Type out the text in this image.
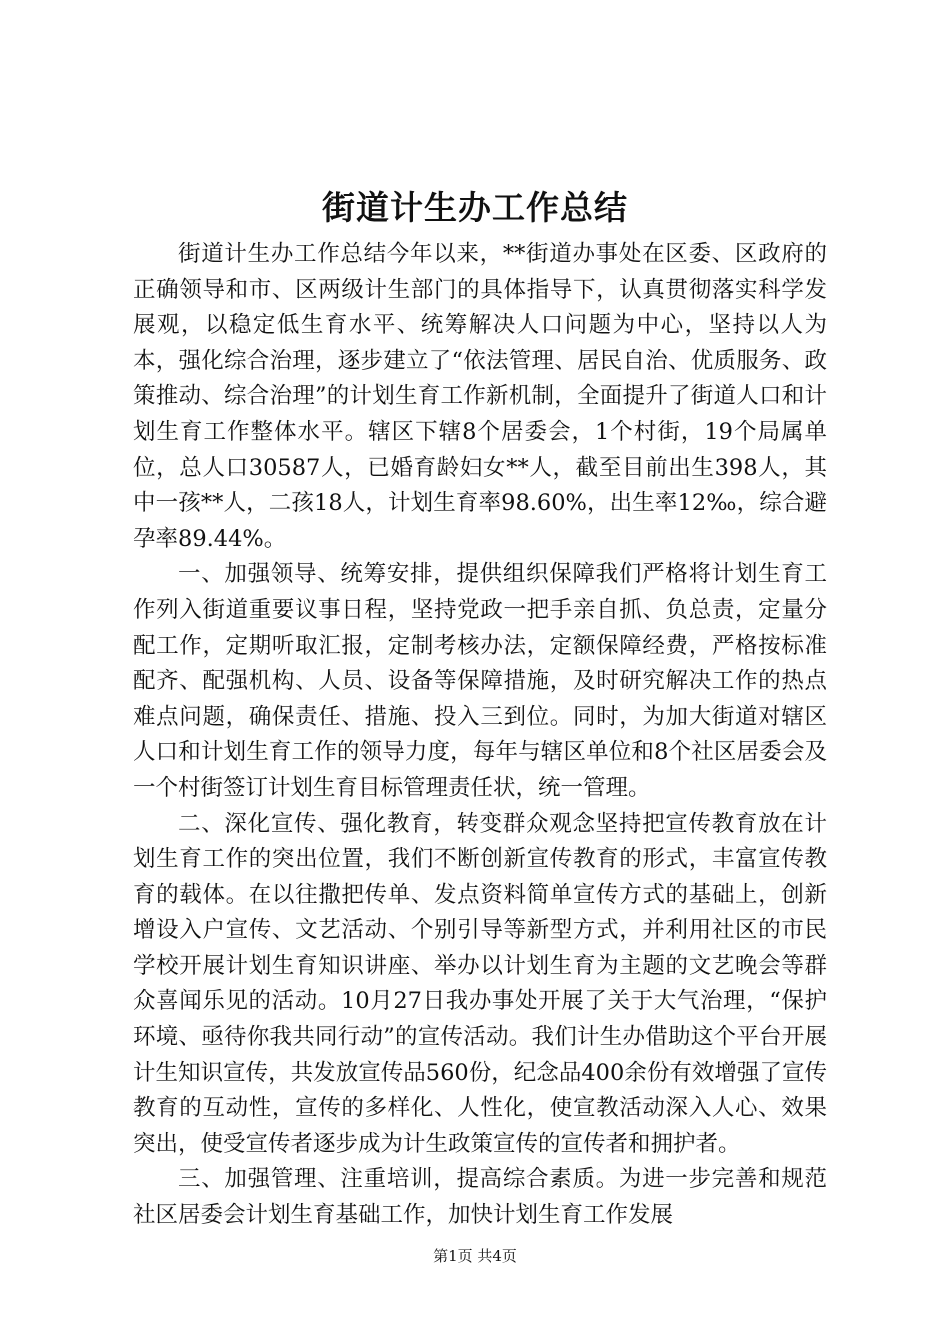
街道计生办工作总结

街道计生办工作总结今年以来，**街道办事处在区委、区政府的正确领导和市、区两级计生部门的具体指导下，认真贯彻落实科学发展观，以稳定低生育水平、统筹解决人口问题为中心，坚持以人为本，强化综合治理，逐步建立了“依法管理、居民自治、优质服务、政策推动、综合治理”的计划生育工作新机制，全面提升了街道人口和计划生育工作整体水平。辖区下辖8个居委会，1个村街，19个局属单位，总人口30587人，已婚育龄妇女**人，截至目前出生398人，其中一孩**人，二孩18人，计划生育率98.60%，出生率12‰，综合避孕率89.44%。

一、加强领导、统筹安排，提供组织保障我们严格将计划生育工作列入街道重要议事日程，坚持党政一把手亲自抓、负总责，定量分配工作，定期听取汇报，定制考核办法，定额保障经费，严格按标准配齐、配强机构、人员、设备等保障措施，及时研究解决工作的热点难点问题，确保责任、措施、投入三到位。同时，为加大街道对辖区人口和计划生育工作的领导力度，每年与辖区单位和8个社区居委会及一个村街签订计划生育目标管理责任状，统一管理。

二、深化宣传、强化教育，转变群众观念坚持把宣传教育放在计划生育工作的突出位置，我们不断创新宣传教育的形式，丰富宣传教育的载体。在以往撒把传单、发点资料简单宣传方式的基础上，创新增设入户宣传、文艺活动、个别引导等新型方式，并利用社区的市民学校开展计划生育知识讲座、举办以计划生育为主题的文艺晚会等群众喜闻乐见的活动。10月27日我办事处开展了关于大气治理，“保护环境、亟待你我共同行动”的宣传活动。我们计生办借助这个平台开展计生知识宣传，共发放宣传品560份，纪念品400余份有效增强了宣传教育的互动性，宣传的多样化、人性化，使宣教活动深入人心、效果突出，使受宣传者逐步成为计生政策宣传的宣传者和拥护者。

三、加强管理、注重培训，提高综合素质。为进一步完善和规范社区居委会计划生育基础工作，加快计划生育工作发展

第1页 共4页
